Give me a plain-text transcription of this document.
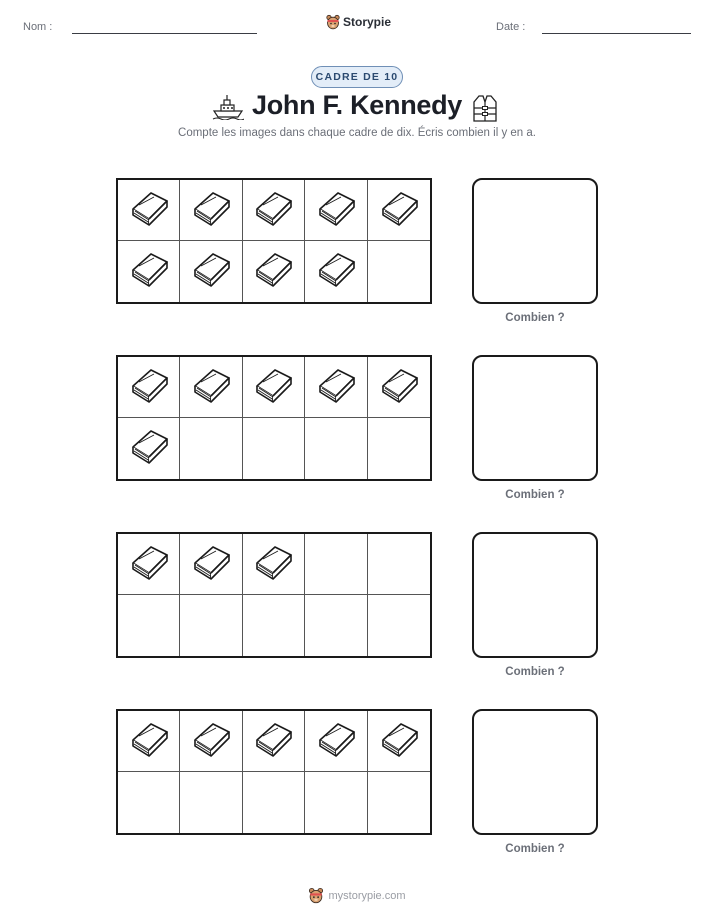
Nom :	Storypie	Date :
CADRE DE 10
John F. Kennedy
Compte les images dans chaque cadre de dix. Écris combien il y en a.
Combien ?
Combien ?
Combien ?
Combien ?
mystorypie.com
